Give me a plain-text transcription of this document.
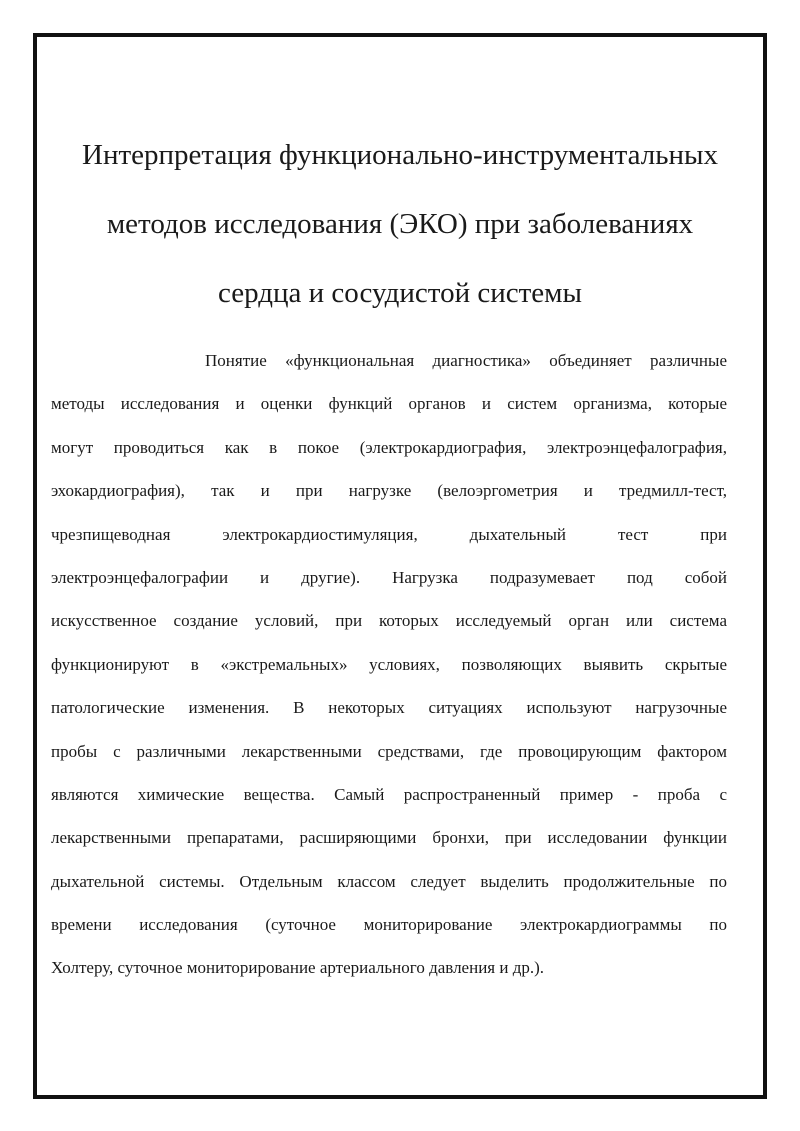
Интерпретация функционально-инструментальных
методов исследования (ЭКО) при заболеваниях
сердца и сосудистой системы
Понятие «функциональная диагностика» объединяет различные
методы исследования и оценки функций органов и систем организма, которые
могут проводиться как в покое (электрокардиография, электроэнцефалография,
эхокардиография), так и при нагрузке (велоэргометрия и тредмилл-тест,
чрезпищеводная электрокардиостимуляция, дыхательный тест при
электроэнцефалографии и другие). Нагрузка подразумевает под собой
искусственное создание условий, при которых исследуемый орган или система
функционируют в «экстремальных» условиях, позволяющих выявить скрытые
патологические изменения. В некоторых ситуациях используют нагрузочные
пробы с различными лекарственными средствами, где провоцирующим фактором
являются химические вещества. Самый распространенный пример - проба с
лекарственными препаратами, расширяющими бронхи, при исследовании функции
дыхательной системы. Отдельным классом следует выделить продолжительные по
времени исследования (суточное мониторирование электрокардиограммы по
Холтеру, суточное мониторирование артериального давления и др.).
